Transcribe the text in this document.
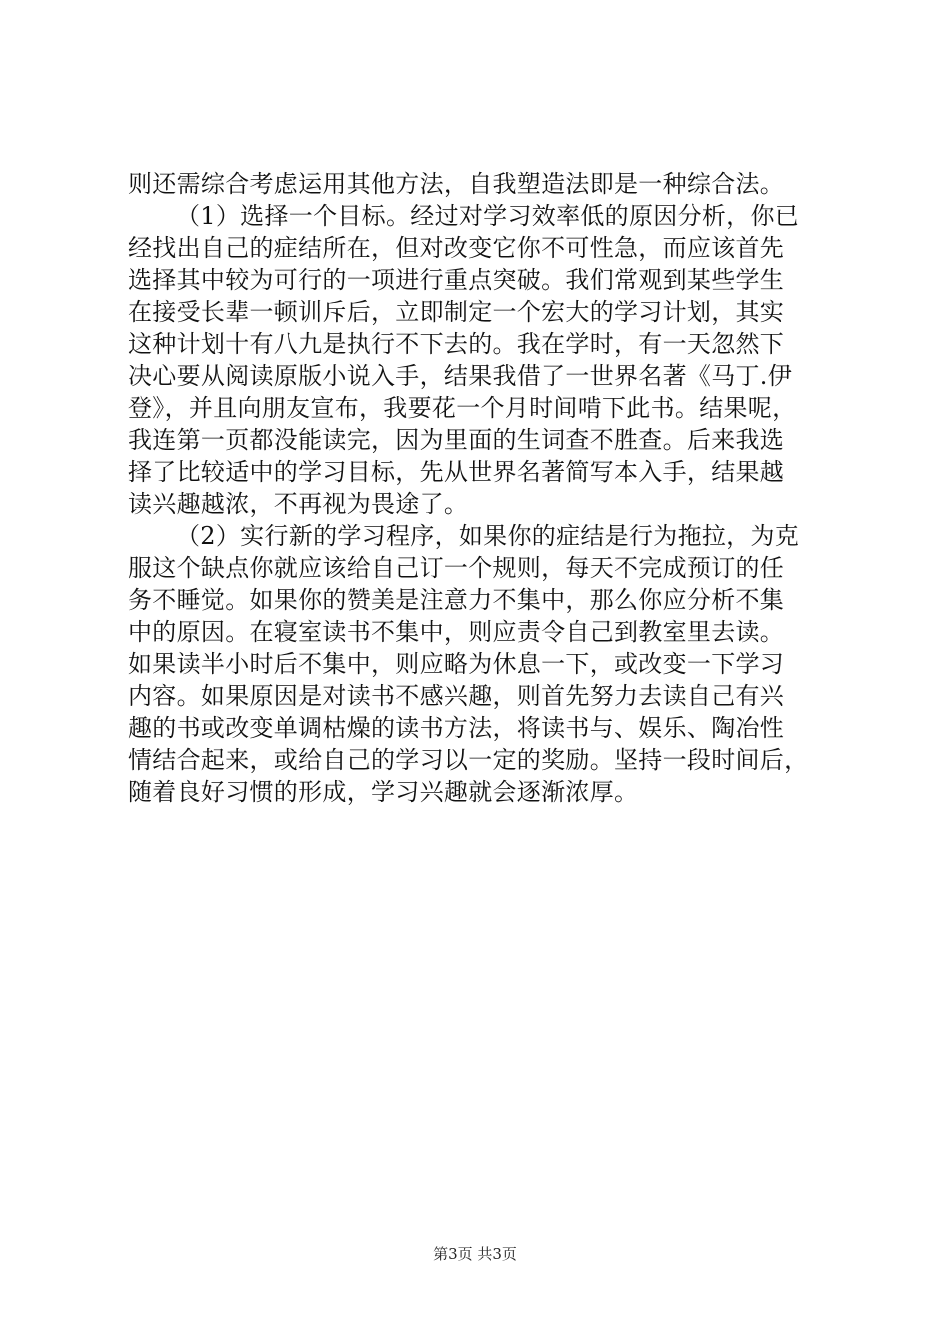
则还需综合考虑运用其他方法，自我塑造法即是一种综合法。
（1）选择一个目标。经过对学习效率低的原因分析，你已
经找出自己的症结所在，但对改变它你不可性急，而应该首先
选择其中较为可行的一项进行重点突破。我们常观到某些学生
在接受长辈一顿训斥后，立即制定一个宏大的学习计划，其实
这种计划十有八九是执行不下去的。我在学时，有一天忽然下
决心要从阅读原版小说入手，结果我借了一世界名著《马丁.伊
登》，并且向朋友宣布，我要花一个月时间啃下此书。结果呢，
我连第一页都没能读完，因为里面的生词查不胜查。后来我选
择了比较适中的学习目标，先从世界名著简写本入手，结果越
读兴趣越浓，不再视为畏途了。
（2）实行新的学习程序，如果你的症结是行为拖拉，为克
服这个缺点你就应该给自己订一个规则，每天不完成预订的任
务不睡觉。如果你的赞美是注意力不集中，那么你应分析不集
中的原因。在寝室读书不集中，则应责令自己到教室里去读。
如果读半小时后不集中，则应略为休息一下，或改变一下学习
内容。如果原因是对读书不感兴趣，则首先努力去读自己有兴
趣的书或改变单调枯燥的读书方法，将读书与、娱乐、陶冶性
情结合起来，或给自己的学习以一定的奖励。坚持一段时间后，
随着良好习惯的形成，学习兴趣就会逐渐浓厚。
第3页 共3页
